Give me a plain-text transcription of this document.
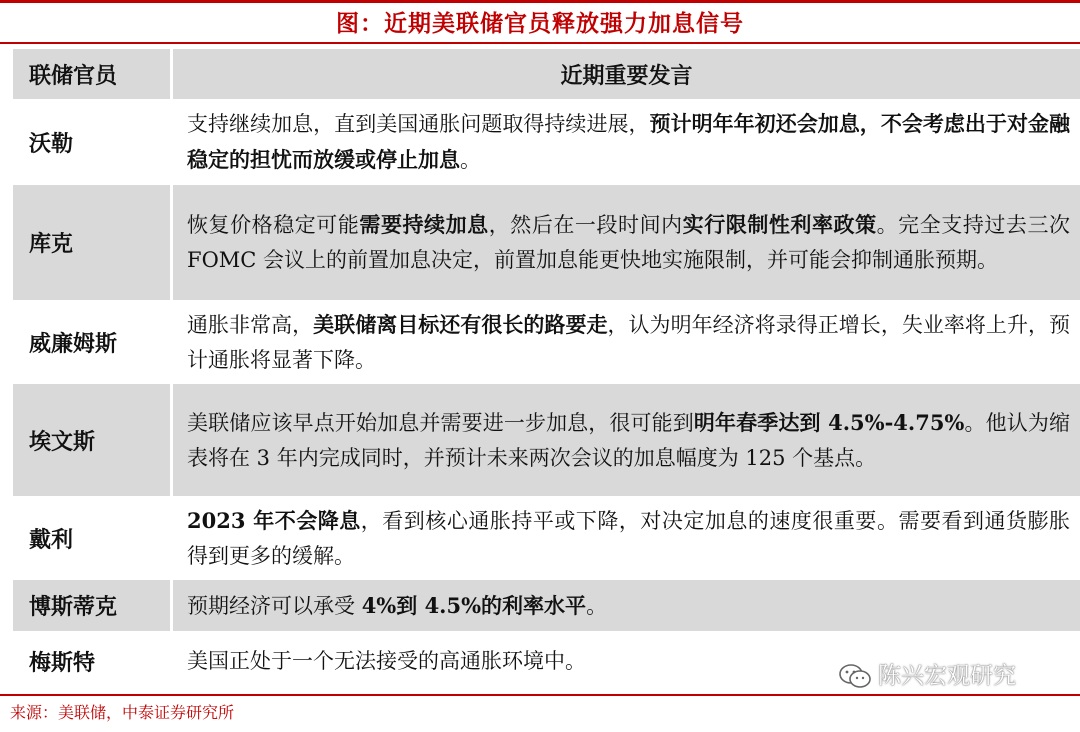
图：近期美联储官员释放强力加息信号
联储官员	近期重要发言
沃勒	支持继续加息，直到美国通胀问题取得持续进展，预计明年年初还会加息，不会考虑出于对金融稳定的担忧而放缓或停止加息。
库克	恢复价格稳定可能需要持续加息，然后在一段时间内实行限制性利率政策。完全支持过去三次 FOMC 会议上的前置加息决定，前置加息能更快地实施限制，并可能会抑制通胀预期。
威廉姆斯	通胀非常高，美联储离目标还有很长的路要走，认为明年经济将录得正增长，失业率将上升，预计通胀将显著下降。
埃文斯	美联储应该早点开始加息并需要进一步加息，很可能到明年春季达到 4.5%-4.75%。他认为缩表将在 3 年内完成同时，并预计未来两次会议的加息幅度为 125 个基点。
戴利	2023 年不会降息，看到核心通胀持平或下降，对决定加息的速度很重要。需要看到通货膨胀得到更多的缓解。
博斯蒂克	预期经济可以承受 4%到 4.5%的利率水平。
梅斯特	美国正处于一个无法接受的高通胀环境中。
陈兴宏观研究
来源：美联储，中泰证券研究所
